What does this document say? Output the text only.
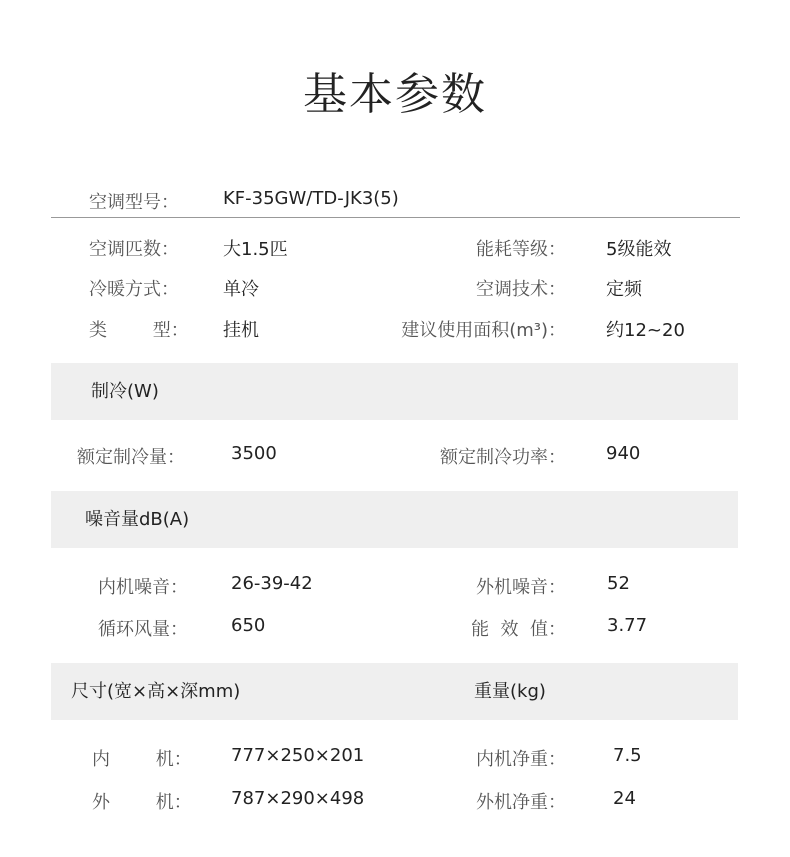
基本参数
空调型号： KF-35GW/TD-JK3(5)
空调匹数： 大1.5匹	能耗等级： 5级能效
冷暖方式： 单冷	空调技术： 定频
类        型： 挂机	建议使用面积(m³)： 约12~20
制冷(W)
额定制冷量：	3500	额定制冷功率： 940
噪音量dB(A)
内机噪音： 26-39-42	外机噪音： 52
循环风量： 650	能  效  值： 3.77
尺寸(宽×高×深mm)	重量(kg)
内        机： 777×250×201	内机净重：	7.5
外        机： 787×290×498	外机净重：	24
